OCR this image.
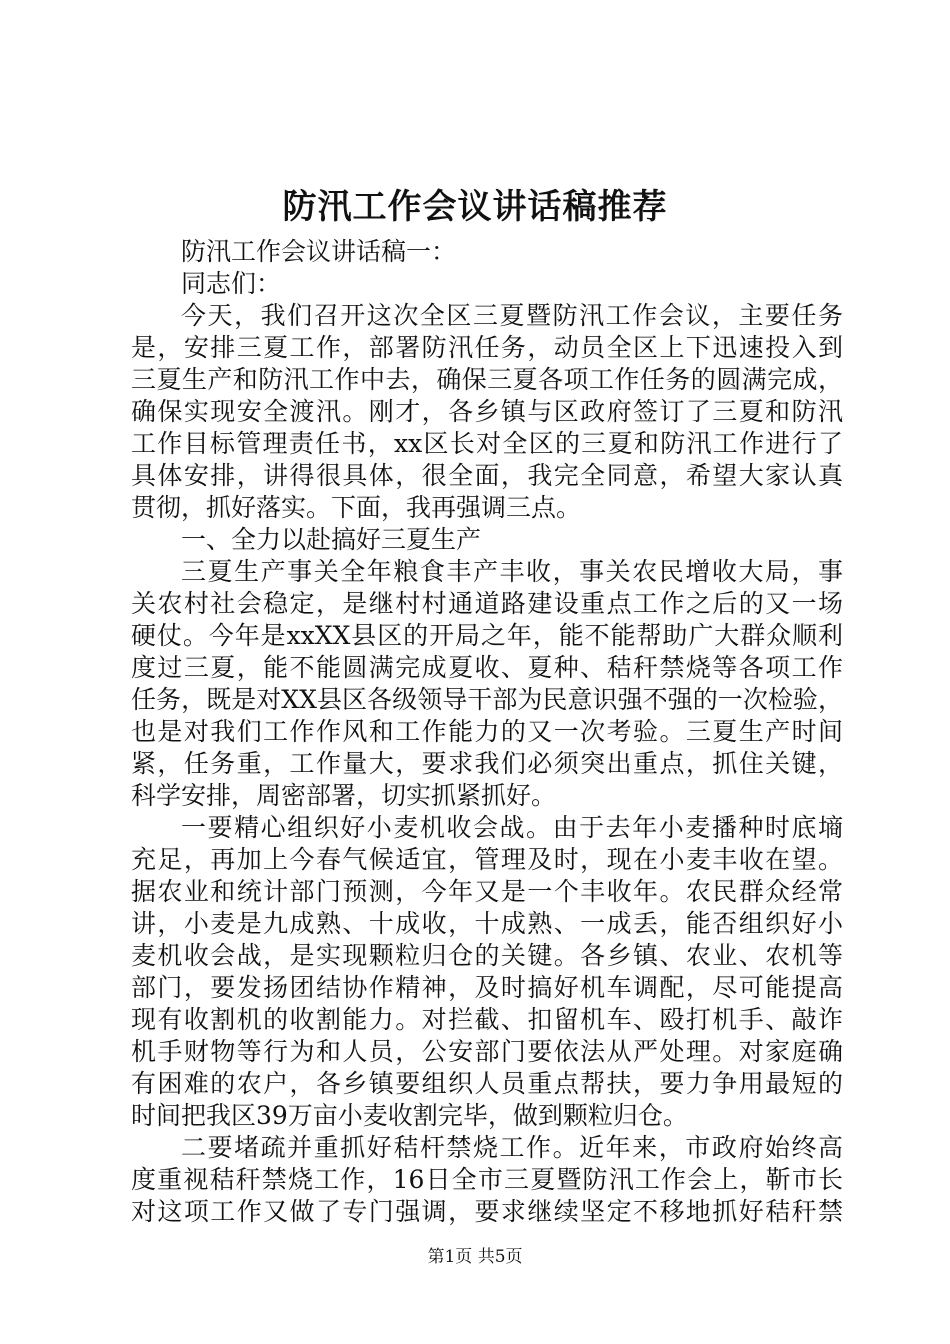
防汛工作会议讲话稿推荐
防汛工作会议讲话稿一：
同志们：
今天，我们召开这次全区三夏暨防汛工作会议，主要任务
是，安排三夏工作，部署防汛任务，动员全区上下迅速投入到
三夏生产和防汛工作中去，确保三夏各项工作任务的圆满完成，
确保实现安全渡汛。刚才，各乡镇与区政府签订了三夏和防汛
工作目标管理责任书，xx区长对全区的三夏和防汛工作进行了
具体安排，讲得很具体，很全面，我完全同意，希望大家认真
贯彻，抓好落实。下面，我再强调三点。
一、全力以赴搞好三夏生产
三夏生产事关全年粮食丰产丰收，事关农民增收大局，事
关农村社会稳定，是继村村通道路建设重点工作之后的又一场
硬仗。今年是xxXX县区的开局之年，能不能帮助广大群众顺利
度过三夏，能不能圆满完成夏收、夏种、秸秆禁烧等各项工作
任务，既是对XX县区各级领导干部为民意识强不强的一次检验，
也是对我们工作作风和工作能力的又一次考验。三夏生产时间
紧，任务重，工作量大，要求我们必须突出重点，抓住关键，
科学安排，周密部署，切实抓紧抓好。
一要精心组织好小麦机收会战。由于去年小麦播种时底墒
充足，再加上今春气候适宜，管理及时，现在小麦丰收在望。
据农业和统计部门预测，今年又是一个丰收年。农民群众经常
讲，小麦是九成熟、十成收，十成熟、一成丢，能否组织好小
麦机收会战，是实现颗粒归仓的关键。各乡镇、农业、农机等
部门，要发扬团结协作精神，及时搞好机车调配，尽可能提高
现有收割机的收割能力。对拦截、扣留机车、殴打机手、敲诈
机手财物等行为和人员，公安部门要依法从严处理。对家庭确
有困难的农户，各乡镇要组织人员重点帮扶，要力争用最短的
时间把我区39万亩小麦收割完毕，做到颗粒归仓。
二要堵疏并重抓好秸杆禁烧工作。近年来，市政府始终高
度重视秸秆禁烧工作，16日全市三夏暨防汛工作会上，靳市长
对这项工作又做了专门强调，要求继续坚定不移地抓好秸秆禁
第1页 共5页
